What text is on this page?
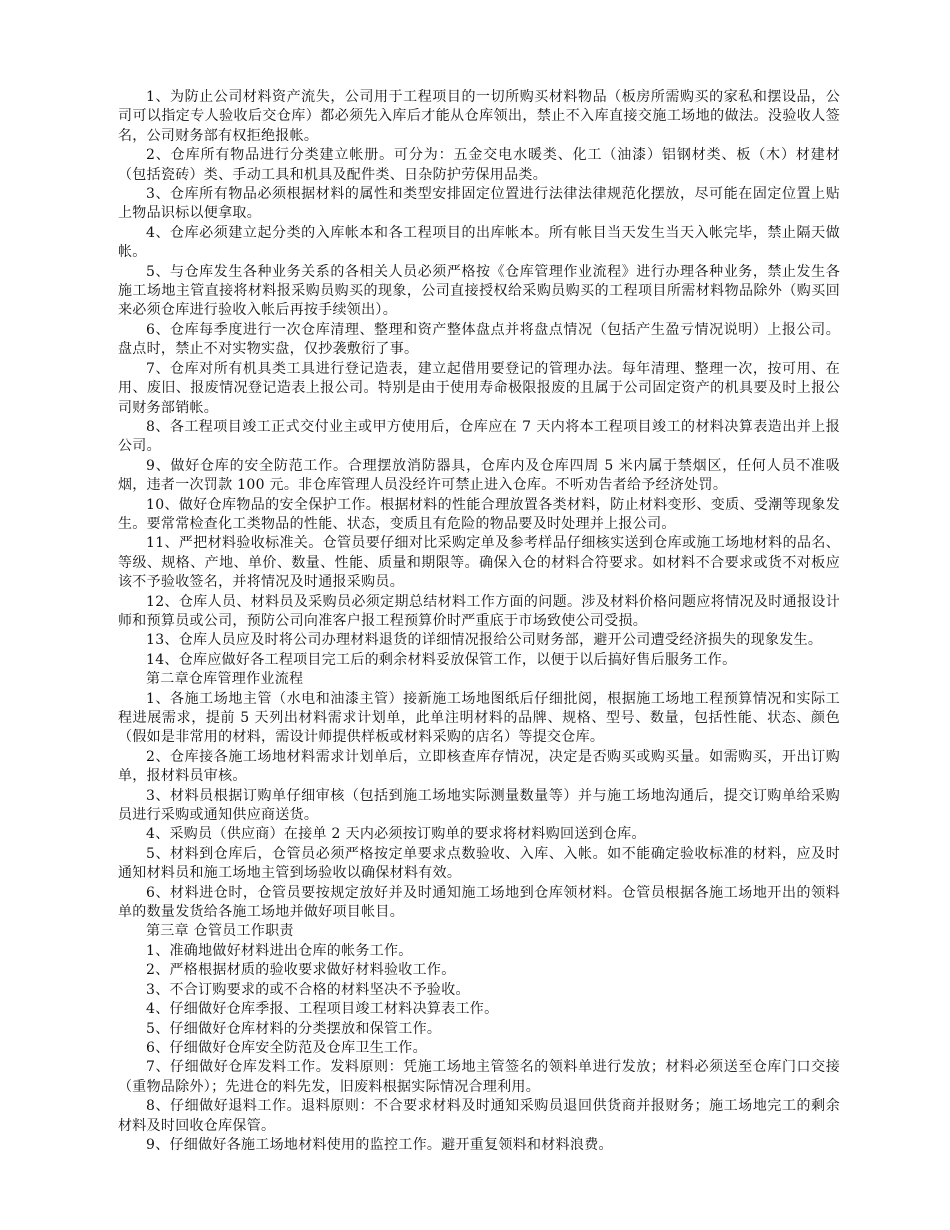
1、为防止公司材料资产流失，公司用于工程项目的一切所购买材料物品（板房所需购买的家私和摆设品，公司可以指定专人验收后交仓库）都必须先入库后才能从仓库领出，禁止不入库直接交施工场地的做法。没验收人签名，公司财务部有权拒绝报帐。

2、仓库所有物品进行分类建立帐册。可分为：五金交电水暖类、化工（油漆）铝钢材类、板（木）材建材（包括瓷砖）类、手动工具和机具及配件类、日杂防护劳保用品类。

3、仓库所有物品必须根据材料的属性和类型安排固定位置进行法律法律规范化摆放，尽可能在固定位置上贴上物品识标以便拿取。

4、仓库必须建立起分类的入库帐本和各工程项目的出库帐本。所有帐目当天发生当天入帐完毕，禁止隔天做帐。

5、与仓库发生各种业务关系的各相关人员必须严格按《仓库管理作业流程》进行办理各种业务，禁止发生各施工场地主管直接将材料报采购员购买的现象，公司直接授权给采购员购买的工程项目所需材料物品除外（购买回来必须仓库进行验收入帐后再按手续领出）。

6、仓库每季度进行一次仓库清理、整理和资产整体盘点并将盘点情况（包括产生盈亏情况说明）上报公司。盘点时，禁止不对实物实盘，仅抄袭敷衍了事。

7、仓库对所有机具类工具进行登记造表，建立起借用要登记的管理办法。每年清理、整理一次，按可用、在用、废旧、报废情况登记造表上报公司。特别是由于使用寿命极限报废的且属于公司固定资产的机具要及时上报公司财务部销帐。

8、各工程项目竣工正式交付业主或甲方使用后，仓库应在 7 天内将本工程项目竣工的材料决算表造出并上报公司。

9、做好仓库的安全防范工作。合理摆放消防器具，仓库内及仓库四周 5 米内属于禁烟区，任何人员不准吸烟，违者一次罚款 100 元。非仓库管理人员没经许可禁止进入仓库。不听劝告者给予经济处罚。

10、做好仓库物品的安全保护工作。根据材料的性能合理放置各类材料，防止材料变形、变质、受潮等现象发生。要常常检查化工类物品的性能、状态，变质且有危险的物品要及时处理并上报公司。

11、严把材料验收标准关。仓管员要仔细对比采购定单及参考样品仔细核实送到仓库或施工场地材料的品名、等级、规格、产地、单价、数量、性能、质量和期限等。确保入仓的材料合符要求。如材料不合要求或货不对板应该不予验收签名，并将情况及时通报采购员。

12、仓库人员、材料员及采购员必须定期总结材料工作方面的问题。涉及材料价格问题应将情况及时通报设计师和预算员或公司，预防公司向准客户报工程预算价时严重底于市场致使公司受损。

13、仓库人员应及时将公司办理材料退货的详细情况报给公司财务部，避开公司遭受经济损失的现象发生。

14、仓库应做好各工程项目完工后的剩余材料妥放保管工作，以便于以后搞好售后服务工作。

第二章仓库管理作业流程

1、各施工场地主管（水电和油漆主管）接新施工场地图纸后仔细批阅，根据施工场地工程预算情况和实际工程进展需求，提前 5 天列出材料需求计划单，此单注明材料的品牌、规格、型号、数量，包括性能、状态、颜色（假如是非常用的材料，需设计师提供样板或材料采购的店名）等提交仓库。

2、仓库接各施工场地材料需求计划单后，立即核查库存情况，决定是否购买或购买量。如需购买，开出订购单，报材料员审核。

3、材料员根据订购单仔细审核（包括到施工场地实际测量数量等）并与施工场地沟通后，提交订购单给采购员进行采购或通知供应商送货。

4、采购员（供应商）在接单 2 天内必须按订购单的要求将材料购回送到仓库。

5、材料到仓库后，仓管员必须严格按定单要求点数验收、入库、入帐。如不能确定验收标准的材料，应及时通知材料员和施工场地主管到场验收以确保材料有效。

6、材料进仓时，仓管员要按规定放好并及时通知施工场地到仓库领材料。仓管员根据各施工场地开出的领料单的数量发货给各施工场地并做好项目帐目。

第三章 仓管员工作职责

1、准确地做好材料进出仓库的帐务工作。

2、严格根据材质的验收要求做好材料验收工作。

3、不合订购要求的或不合格的材料坚决不予验收。

4、仔细做好仓库季报、工程项目竣工材料决算表工作。

5、仔细做好仓库材料的分类摆放和保管工作。

6、仔细做好仓库安全防范及仓库卫生工作。

7、仔细做好仓库发料工作。发料原则：凭施工场地主管签名的领料单进行发放；材料必须送至仓库门口交接（重物品除外）；先进仓的料先发，旧废料根据实际情况合理利用。

8、仔细做好退料工作。退料原则：不合要求材料及时通知采购员退回供货商并报财务；施工场地完工的剩余材料及时回收仓库保管。

9、仔细做好各施工场地材料使用的监控工作。避开重复领料和材料浪费。
